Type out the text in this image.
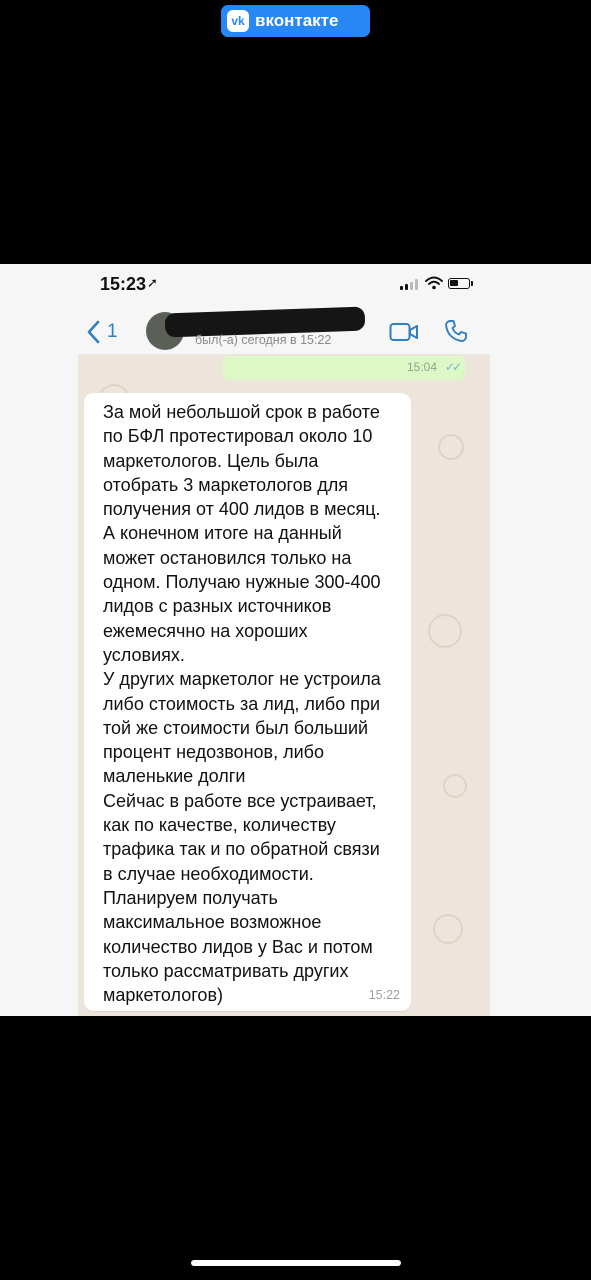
vk вконтакте
15:23 ➚
1	был(-а) сегодня в 15:22
15:04 ✓✓
За мой небольшой срок в работе
по БФЛ протестировал около 10
маркетологов. Цель была
отобрать 3 маркетологов для
получения от 400 лидов в месяц.
А конечном итоге на данный
может остановился только на
одном. Получаю нужные 300-400
лидов с разных источников
ежемесячно на хороших
условиях.
У других маркетолог не устроила
либо стоимость за лид, либо при
той же стоимости был больший
процент недозвонов, либо
маленькие долги
Сейчас в работе все устраивает,
как по качестве, количеству
трафика так и по обратной связи
в случае необходимости.
Планируем получать
максимальное возможное
количество лидов у Вас и потом
только рассматривать других
маркетологов)	15:22
